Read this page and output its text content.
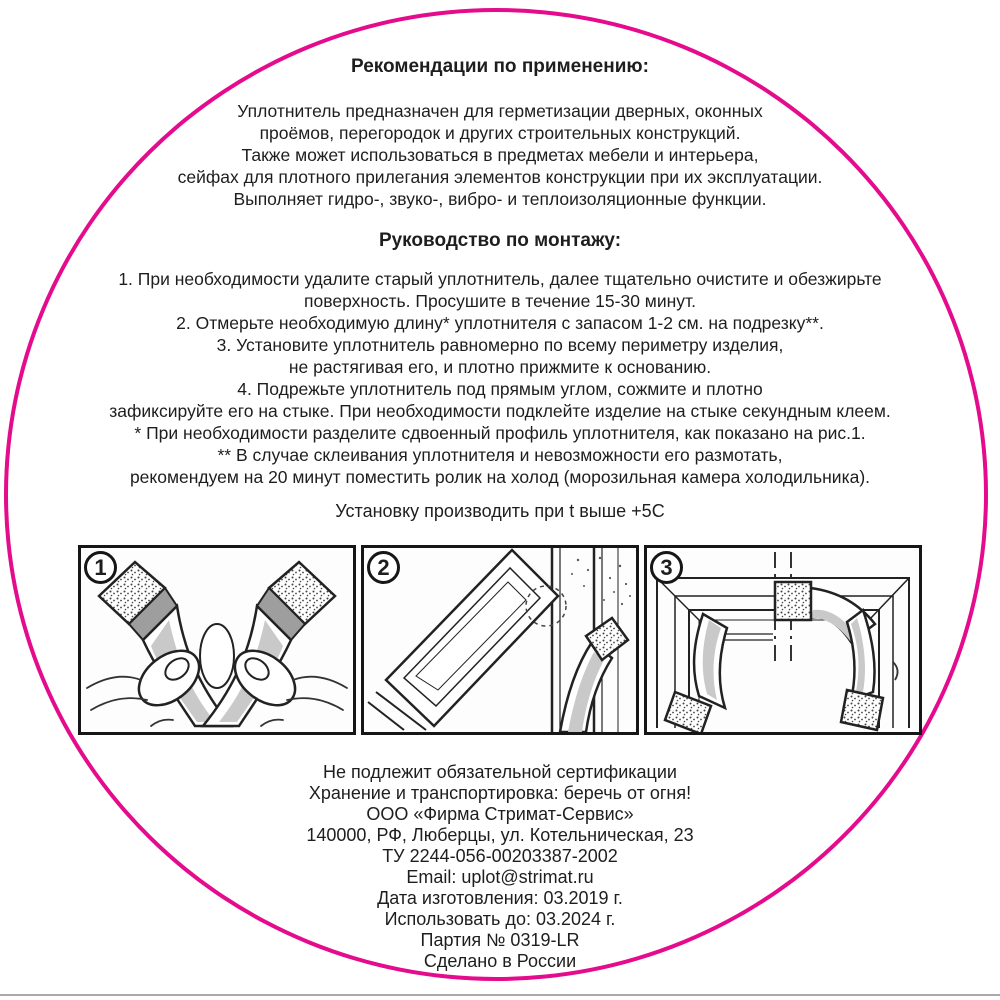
Рекомендации по применению:
Уплотнитель предназначен для герметизации дверных, оконных
проёмов, перегородок и других строительных конструкций.
Также может использоваться в предметах мебели и интерьера,
сейфах для плотного прилегания элементов конструкции при их эксплуатации.
Выполняет гидро-, звуко-, вибро- и теплоизоляционные функции.
Руководство по монтажу:
1. При необходимости удалите старый уплотнитель, далее тщательно очистите и обезжирьте
поверхность. Просушите в течение 15-30 минут.
2. Отмерьте необходимую длину* уплотнителя с запасом 1-2 см. на подрезку**.
3. Установите уплотнитель равномерно по всему периметру изделия,
не растягивая его, и плотно прижмите к основанию.
4. Подрежьте уплотнитель под прямым углом, сожмите и плотно
зафиксируйте его на стыке. При необходимости подклейте изделие на стыке секундным клеем.
* При необходимости разделите сдвоенный профиль уплотнителя, как показано на рис.1.
** В случае склеивания уплотнителя и невозможности его размотать,
рекомендуем на 20 минут поместить ролик на холод (морозильная камера холодильника).
Установку производить при t выше +5С
1	2	3
Не подлежит обязательной сертификации
Хранение и транспортировка: беречь от огня!
ООО «Фирма Стримат-Сервис»
140000, РФ, Люберцы, ул. Котельническая, 23
ТУ 2244-056-00203387-2002
Email: uplot@strimat.ru
Дата изготовления: 03.2019 г.
Использовать до: 03.2024 г.
Партия № 0319-LR
Сделано в России
